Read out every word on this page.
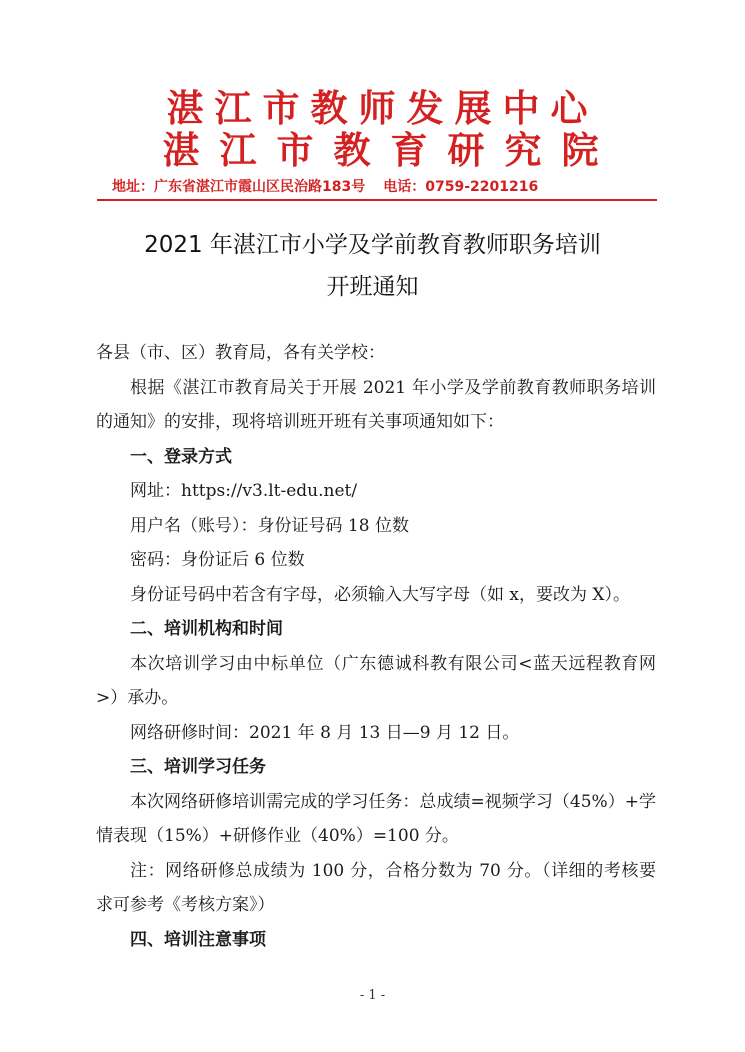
湛江市教师发展中心
湛江市教育研究院
地址：广东省湛江市霞山区民治路183号 电话：0759-2201216
2021 年湛江市小学及学前教育教师职务培训
开班通知

各县（市、区）教育局，各有关学校：

根据《湛江市教育局关于开展 2021 年小学及学前教育教师职务培训的通知》的安排，现将培训班开班有关事项通知如下：

一、登录方式

网址：https://v3.lt-edu.net/

用户名（账号）：身份证号码 18 位数

密码：身份证后 6 位数

身份证号码中若含有字母，必须输入大写字母（如 x，要改为 X）。

二、培训机构和时间

本次培训学习由中标单位（广东德诚科教有限公司<蓝天远程教育网>）承办。

网络研修时间：2021 年 8 月 13 日—9 月 12 日。

三、培训学习任务

本次网络研修培训需完成的学习任务：总成绩=视频学习（45%）+学情表现（15%）+研修作业（40%）=100 分。

注：网络研修总成绩为 100 分，合格分数为 70 分。（详细的考核要求可参考《考核方案》）

四、培训注意事项

- 1 -
